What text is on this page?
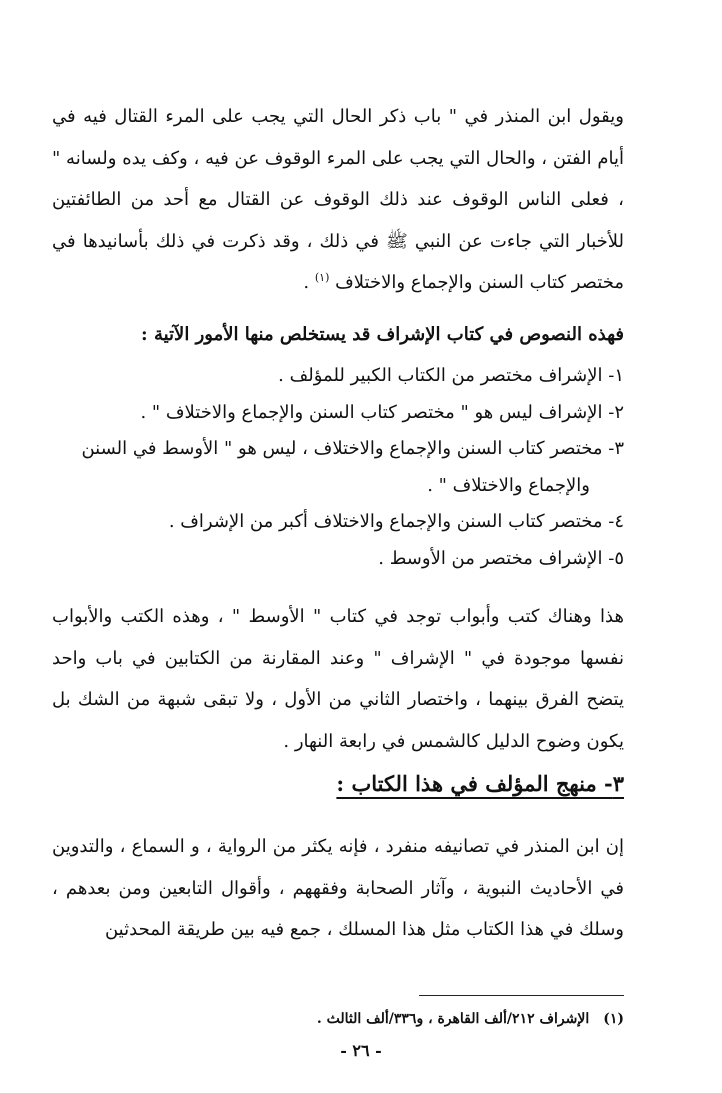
ويقول ابن المنذر في " باب ذكر الحال التي يجب على المرء القتال فيه في أيام الفتن ، والحال التي يجب على المرء الوقوف عن فيه ، وكف يده ولسانه " ، فعلى الناس الوقوف عند ذلك الوقوف عن القتال مع أحد من الطائفتين للأخبار التي جاءت عن النبي ﷺ في ذلك ، وقد ذكرت في ذلك بأسانيدها في مختصر كتاب السنن والإجماع والاختلاف $^{(١)}$ .

فهذه النصوص في كتاب الإشراف قد يستخلص منها الأمور الآتية :

١- الإشراف مختصر من الكتاب الكبير للمؤلف .
٢- الإشراف ليس هو " مختصر كتاب السنن والإجماع والاختلاف " .
٣- مختصر كتاب السنن والإجماع والاختلاف ، ليس هو " الأوسط في السنن
والإجماع والاختلاف " .
٤- مختصر كتاب السنن والإجماع والاختلاف أكبر من الإشراف .
٥- الإشراف مختصر من الأوسط .

هذا وهناك كتب وأبواب توجد في كتاب " الأوسط " ، وهذه الكتب والأبواب نفسها موجودة في " الإشراف " وعند المقارنة من الكتابين في باب واحد يتضح الفرق بينهما ، واختصار الثاني من الأول ، ولا تبقى شبهة من الشك بل يكون وضوح الدليل كالشمس في رابعة النهار .

٣- منهج المؤلف في هذا الكتاب :

إن ابن المنذر في تصانيفه منفرد ، فإنه يكثر من الرواية ، و السماع ، والتدوين في الأحاديث النبوية ، وآثار الصحابة وفقههم ، وأقوال التابعين ومن بعدهم ، وسلك في هذا الكتاب مثل هذا المسلك ، جمع فيه بين طريقة المحدثين

(١)الإشراف ٢١٢/ألف القاهرة ، و٣٣٦/ألف الثالث .

- ٢٦ -
